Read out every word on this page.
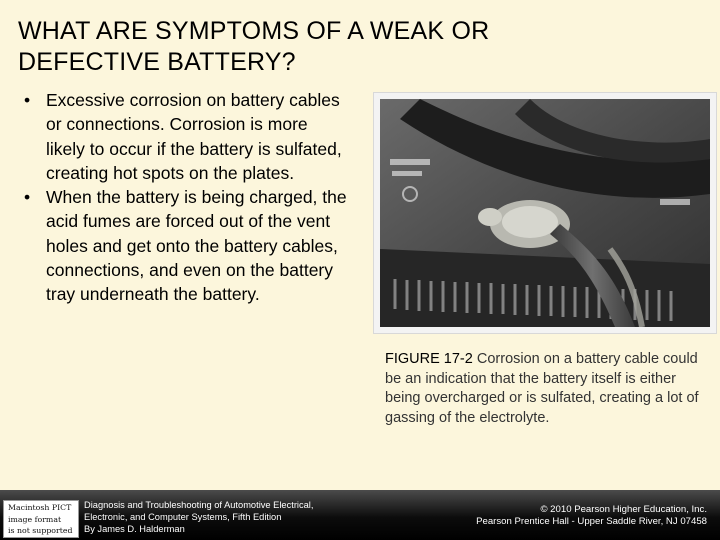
WHAT ARE SYMPTOMS OF A WEAK OR DEFECTIVE BATTERY?
• Excessive corrosion on battery cables or connections. Corrosion is more likely to occur if the battery is sulfated, creating hot spots on the plates.
• When the battery is being charged, the acid fumes are forced out of the vent holes and get onto the battery cables, connections, and even on the battery tray underneath the battery.
FIGURE 17-2 Corrosion on a battery cable could be an indication that the battery itself is either being overcharged or is sulfated, creating a lot of gassing of the electrolyte.
Macintosh PICT
image format
is not supported
Diagnosis and Troubleshooting of Automotive Electrical,
Electronic, and Computer Systems, Fifth Edition
By James D. Halderman
© 2010 Pearson Higher Education, Inc.
Pearson Prentice Hall - Upper Saddle River, NJ 07458
